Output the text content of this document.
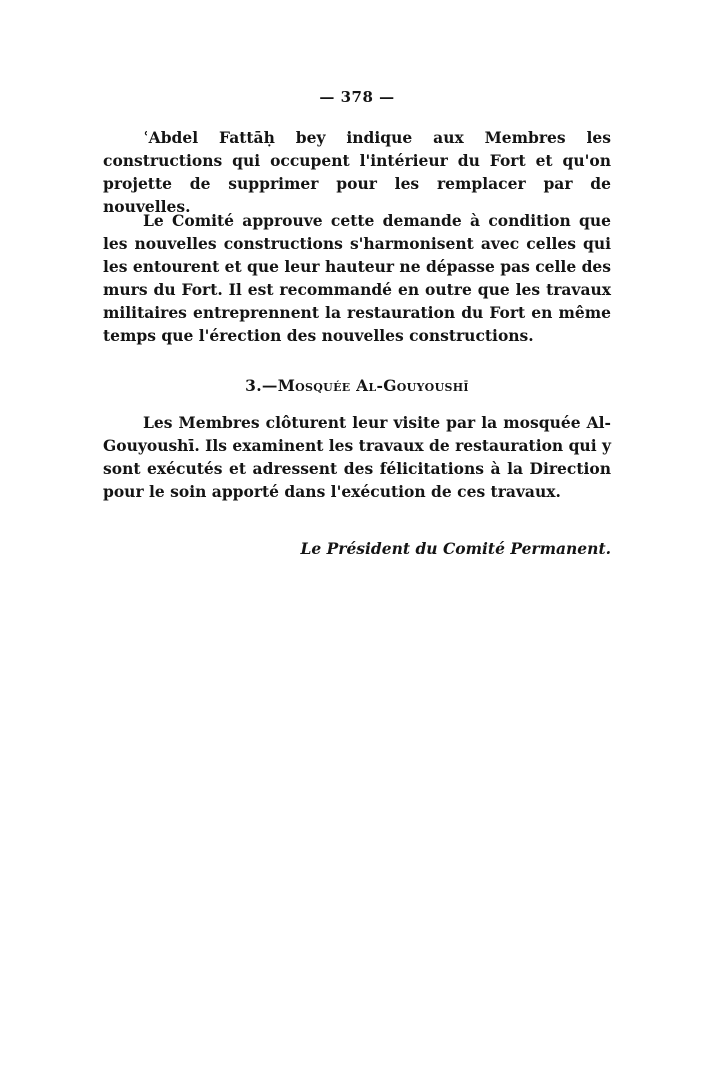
— 378 —

ʿAbdel Fattāḥ bey indique aux Membres les constructions qui occupent l'intérieur du Fort et qu'on projette de supprimer pour les remplacer par de nouvelles.

Le Comité approuve cette demande à condition que les nouvelles constructions s'harmonisent avec celles qui les entourent et que leur hauteur ne dépasse pas celle des murs du Fort. Il est recommandé en outre que les travaux militaires entreprennent la restauration du Fort en même temps que l'érection des nouvelles constructions.

3.—Mosquée Al-Gouyoushī

Les Membres clôturent leur visite par la mosquée Al-Gouyoushī. Ils examinent les travaux de restauration qui y sont exécutés et adressent des félicitations à la Direction pour le soin apporté dans l'exécution de ces travaux.

Le Président du Comité Permanent.
